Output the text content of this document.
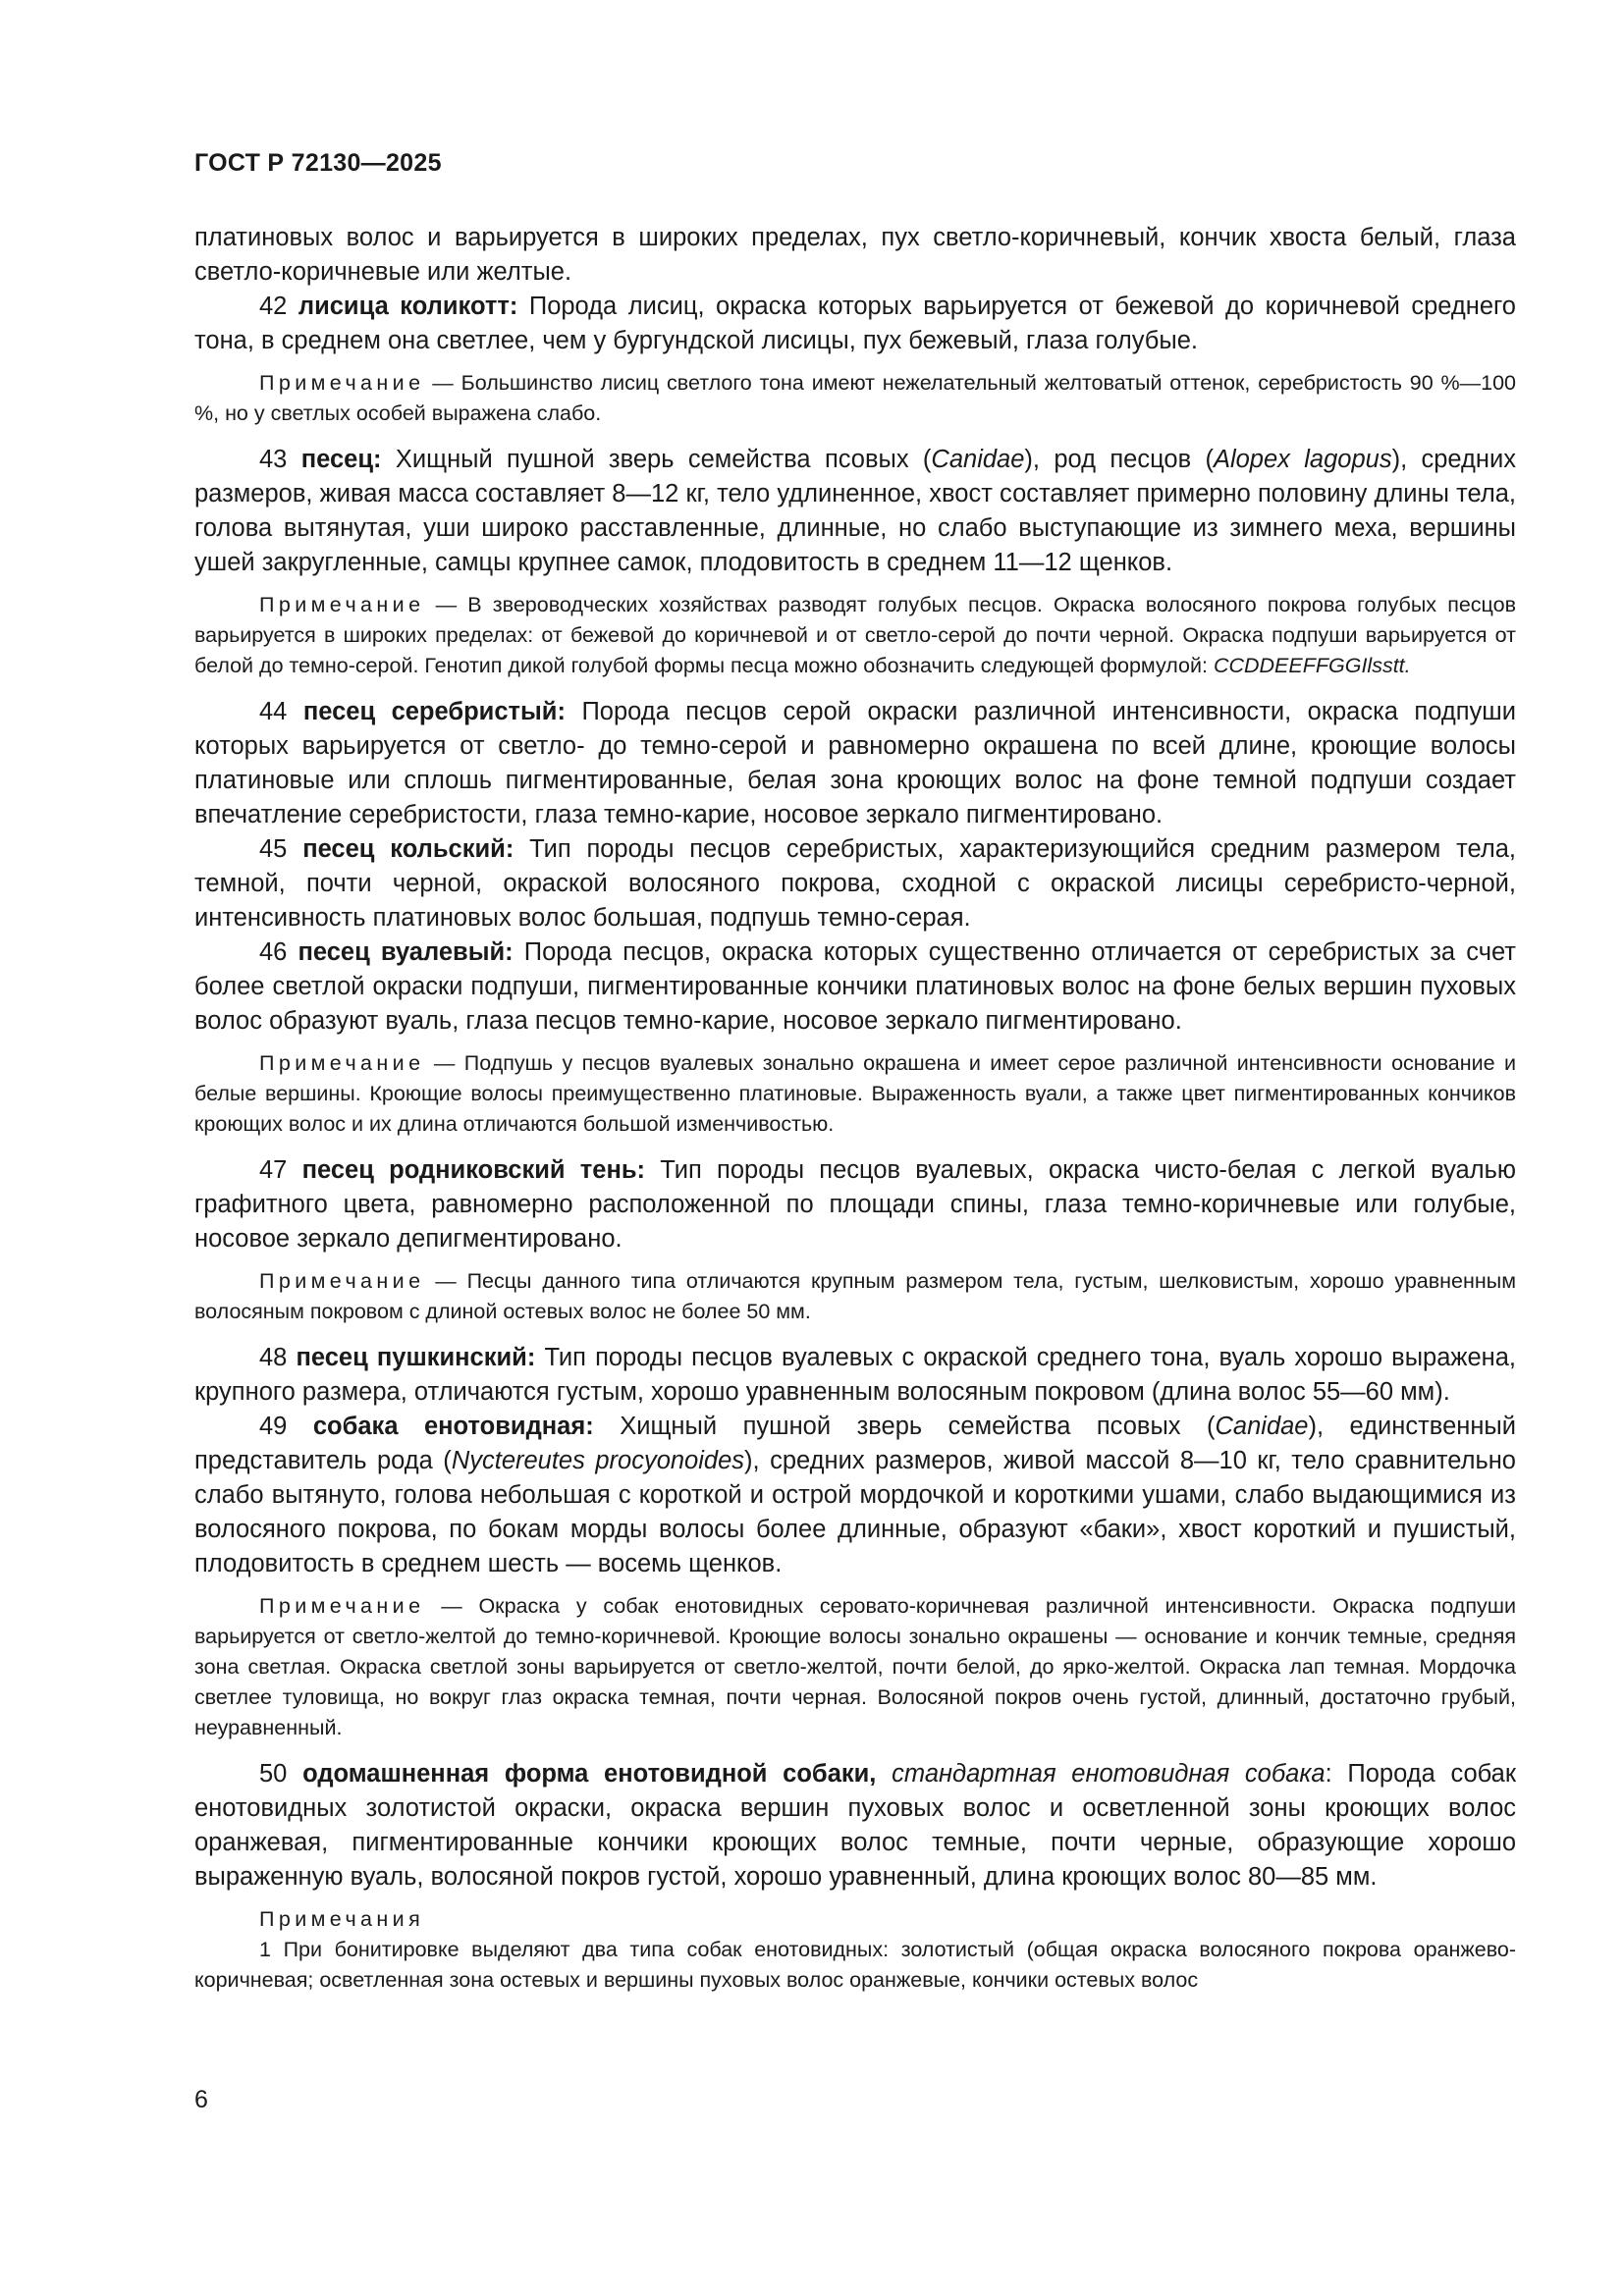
ГОСТ Р 72130—2025

платиновых волос и варьируется в широких пределах, пух светло-коричневый, кончик хвоста белый, глаза светло-коричневые или желтые.

42 лисица коликотт: Порода лисиц, окраска которых варьируется от бежевой до коричневой среднего тона, в среднем она светлее, чем у бургундской лисицы, пух бежевый, глаза голубые.

Примечание — Большинство лисиц светлого тона имеют нежелательный желтоватый оттенок, серебристость 90 %—100 %, но у светлых особей выражена слабо.

43 песец: Хищный пушной зверь семейства псовых (Canidae), род песцов (Alopex lagopus), средних размеров, живая масса составляет 8—12 кг, тело удлиненное, хвост составляет примерно половину длины тела, голова вытянутая, уши широко расставленные, длинные, но слабо выступающие из зимнего меха, вершины ушей закругленные, самцы крупнее самок, плодовитость в среднем 11—12 щенков.

Примечание — В звероводческих хозяйствах разводят голубых песцов. Окраска волосяного покрова голубых песцов варьируется в широких пределах: от бежевой до коричневой и от светло-серой до почти черной. Окраска подпуши варьируется от белой до темно-серой. Генотип дикой голубой формы песца можно обозначить следующей формулой: CCDDEEFFGGIlsstt.

44 песец серебристый: Порода песцов серой окраски различной интенсивности, окраска подпуши которых варьируется от светло- до темно-серой и равномерно окрашена по всей длине, кроющие волосы платиновые или сплошь пигментированные, белая зона кроющих волос на фоне темной подпуши создает впечатление серебристости, глаза темно-карие, носовое зеркало пигментировано.

45 песец кольский: Тип породы песцов серебристых, характеризующийся средним размером тела, темной, почти черной, окраской волосяного покрова, сходной с окраской лисицы серебристо-черной, интенсивность платиновых волос большая, подпушь темно-серая.

46 песец вуалевый: Порода песцов, окраска которых существенно отличается от серебристых за счет более светлой окраски подпуши, пигментированные кончики платиновых волос на фоне белых вершин пуховых волос образуют вуаль, глаза песцов темно-карие, носовое зеркало пигментировано.

Примечание — Подпушь у песцов вуалевых зонально окрашена и имеет серое различной интенсивности основание и белые вершины. Кроющие волосы преимущественно платиновые. Выраженность вуали, а также цвет пигментированных кончиков кроющих волос и их длина отличаются большой изменчивостью.

47 песец родниковский тень: Тип породы песцов вуалевых, окраска чисто-белая с легкой вуалью графитного цвета, равномерно расположенной по площади спины, глаза темно-коричневые или голубые, носовое зеркало депигментировано.

Примечание — Песцы данного типа отличаются крупным размером тела, густым, шелковистым, хорошо уравненным волосяным покровом с длиной остевых волос не более 50 мм.

48 песец пушкинский: Тип породы песцов вуалевых с окраской среднего тона, вуаль хорошо выражена, крупного размера, отличаются густым, хорошо уравненным волосяным покровом (длина волос 55—60 мм).

49 собака енотовидная: Хищный пушной зверь семейства псовых (Canidae), единственный представитель рода (Nyctereutes procyonoides), средних размеров, живой массой 8—10 кг, тело сравнительно слабо вытянуто, голова небольшая с короткой и острой мордочкой и короткими ушами, слабо выдающимися из волосяного покрова, по бокам морды волосы более длинные, образуют «баки», хвост короткий и пушистый, плодовитость в среднем шесть — восемь щенков.

Примечание — Окраска у собак енотовидных серовато-коричневая различной интенсивности. Окраска подпуши варьируется от светло-желтой до темно-коричневой. Кроющие волосы зонально окрашены — основание и кончик темные, средняя зона светлая. Окраска светлой зоны варьируется от светло-желтой, почти белой, до ярко-желтой. Окраска лап темная. Мордочка светлее туловища, но вокруг глаз окраска темная, почти черная. Волосяной покров очень густой, длинный, достаточно грубый, неуравненный.

50 одомашненная форма енотовидной собаки, стандартная енотовидная собака: Порода собак енотовидных золотистой окраски, окраска вершин пуховых волос и осветленной зоны кроющих волос оранжевая, пигментированные кончики кроющих волос темные, почти черные, образующие хорошо выраженную вуаль, волосяной покров густой, хорошо уравненный, длина кроющих волос 80—85 мм.

Примечания

1 При бонитировке выделяют два типа собак енотовидных: золотистый (общая окраска волосяного покрова оранжево-коричневая; осветленная зона остевых и вершины пуховых волос оранжевые, кончики остевых волос

6
